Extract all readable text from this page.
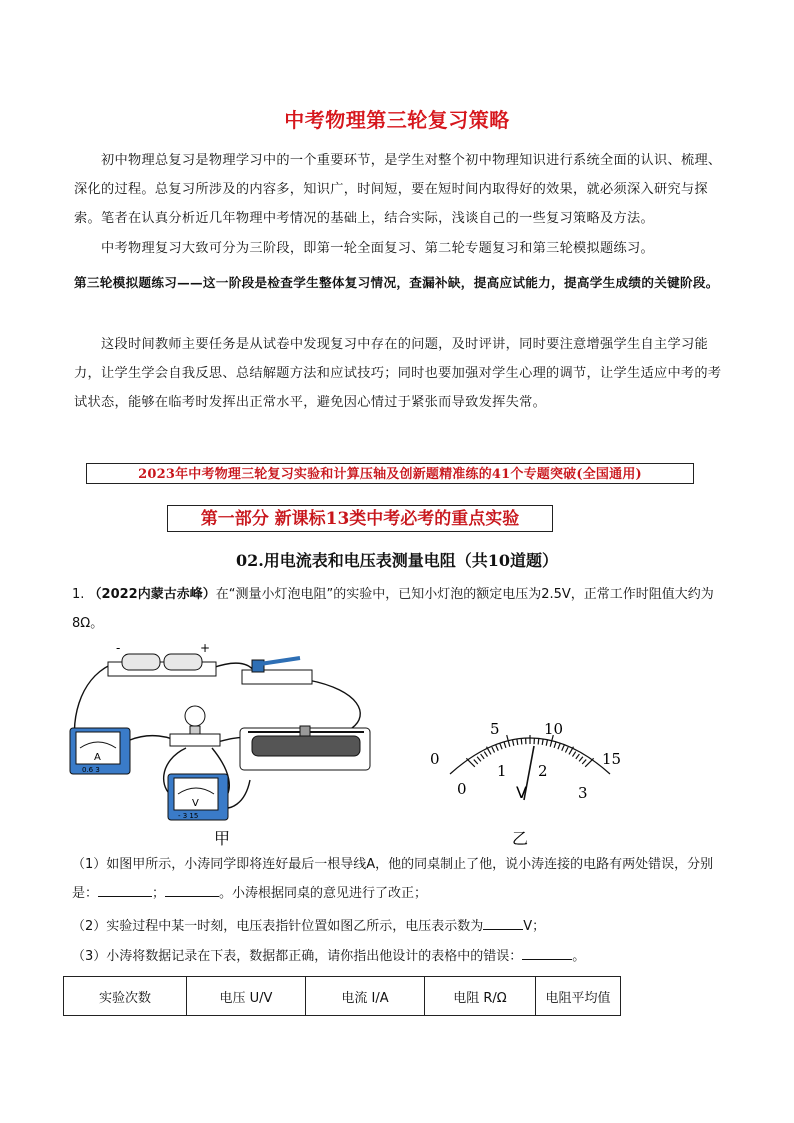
中考物理第三轮复习策略
初中物理总复习是物理学习中的一个重要环节，是学生对整个初中物理知识进行系统全面的认识、梳理、深化的过程。总复习所涉及的内容多，知识广，时间短，要在短时间内取得好的效果，就必须深入研究与探索。笔者在认真分析近几年物理中考情况的基础上，结合实际，浅谈自己的一些复习策略及方法。
中考物理复习大致可分为三阶段，即第一轮全面复习、第二轮专题复习和第三轮模拟题练习。
第三轮模拟题练习——这一阶段是检查学生整体复习情况，查漏补缺，提高应试能力，提高学生成绩的关键阶段。
这段时间教师主要任务是从试卷中发现复习中存在的问题，及时评讲，同时要注意增强学生自主学习能力，让学生学会自我反思、总结解题方法和应试技巧；同时也要加强对学生心理的调节，让学生适应中考的考试状态，能够在临考时发挥出正常水平，避免因心情过于紧张而导致发挥失常。
2023年中考物理三轮复习实验和计算压轴及创新题精准练的41个专题突破(全国通用)
第一部分 新课标13类中考必考的重点实验
02.用电流表和电压表测量电阻（共10道题）
1. （2022内蒙古赤峰）在“测量小灯泡电阻”的实验中，已知小灯泡的额定电压为2.5V，正常工作时阻值大约为8Ω。
-	+
A
0.6 3
V
- 3 15
甲
0
5	10
15
0
1 2
3
V
乙
（1）如图甲所示，小涛同学即将连好最后一根导线A，他的同桌制止了他，说小涛连接的电路有两处错误，分别是：	；	。小涛根据同桌的意见进行了改正；
（2）实验过程中某一时刻，电压表指针位置如图乙所示，电压表示数为	V；
（3）小涛将数据记录在下表，数据都正确，请你指出他设计的表格中的错误：	。
实验次数	电压 U/V	电流 I/A	电阻 R/Ω	电阻平均值
